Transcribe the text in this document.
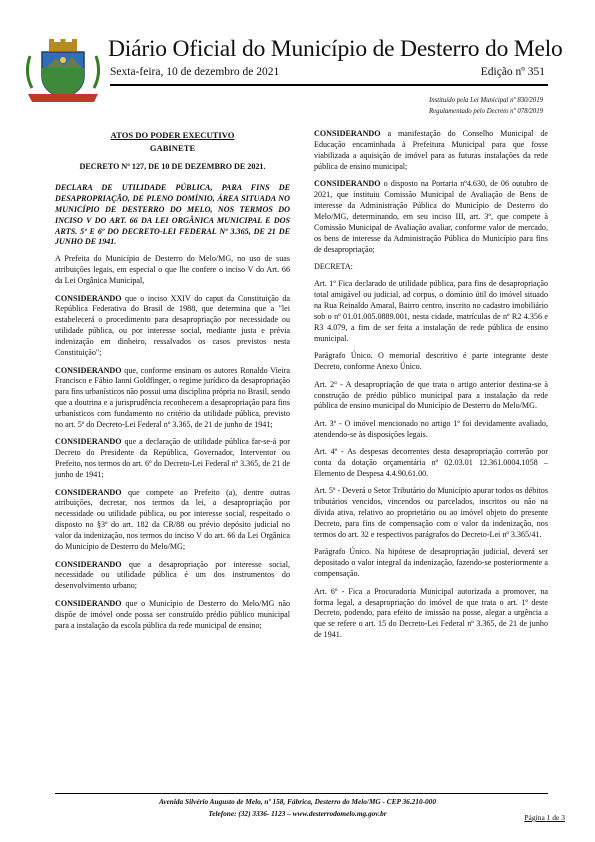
Diário Oficial do Município de Desterro do Melo
Sexta-feira, 10 de dezembro de 2021	Edição nº 351
Instituído pela Lei Municipal nº 830/2019
Regulamentado pelo Decreto nº 078/2019
ATOS DO PODER EXECUTIVO
GABINETE

DECRETO Nº 127, DE 10 DE DEZEMBRO DE 2021.

DECLARA DE UTILIDADE PÚBLICA, PARA FINS DE DESAPROPRIAÇÃO, DE PLENO DOMÍNIO, ÁREA SITUADA NO MUNICÍPIO DE DESTERRO DO MELO, NOS TERMOS DO INCISO V DO ART. 66 DA LEI ORGÂNICA MUNICIPAL E DOS ARTS. 5º E 6º DO DECRETO-LEI FEDERAL Nº 3.365, DE 21 DE JUNHO DE 1941.

A Prefeita do Município de Desterro do Melo/MG, no uso de suas atribuições legais, em especial o que lhe confere o inciso V do Art. 66 da Lei Orgânica Municipal,

CONSIDERANDO que o inciso XXIV do caput da Constituição da República Federativa do Brasil de 1988, que determina que a "lei estabelecerá o procedimento para desapropriação por necessidade ou utilidade pública, ou por interesse social, mediante justa e prévia indenização em dinheiro, ressalvados os casos previstos nesta Constituição";

CONSIDERANDO que, conforme ensinam os autores Ronaldo Vieira Francisco e Fábio Ianni Goldfinger, o regime jurídico da desapropriação para fins urbanísticos não possui uma disciplina própria no Brasil, sendo que a doutrina e a jurisprudência reconhecem a desapropriação para fins urbanísticos com fundamento no critério da utilidade pública, previsto no art. 5º do Decreto-Lei Federal nº 3.365, de 21 de junho de 1941;

CONSIDERANDO que a declaração de utilidade pública far-se-á por Decreto do Presidente da República, Governador, Interventor ou Prefeito, nos termos do art. 6º do Decreto-Lei Federal nº 3.365, de 21 de junho de 1941;

CONSIDERANDO que compete ao Prefeito (a), dentre outras atribuições, decretar, nos termos da lei, a desapropriação por necessidade ou utilidade pública, ou por interesse social, respeitado o disposto no §3º do art. 182 da CR/88 ou prévio depósito judicial no valor da indenização, nos termos do inciso V do art. 66 da Lei Orgânica do Município de Desterro do Melo/MG;

CONSIDERANDO que a desapropriação por interesse social, necessidade ou utilidade pública é um dos instrumentos do desenvolvimento urbano;

CONSIDERANDO que o Município de Desterro do Melo/MG não dispõe de imóvel onde possa ser construído prédio público municipal para a instalação da escola pública da rede municipal de ensino;

CONSIDERANDO a manifestação do Conselho Municipal de Educação encaminhada à Prefeitura Municipal para que fosse viabilizada a aquisição de imóvel para as futuras instalações da rede pública de ensino municipal;

CONSIDERANDO o disposto na Portaria nº4.630, de 06 outubro de 2021, que instituiu Comissão Municipal de Avaliação de Bens de interesse da Administração Pública do Município de Desterro do Melo/MG, determinando, em seu inciso III, art. 3º, que compete à Comissão Municipal de Avaliação avaliar, conforme valor de mercado, os bens de interesse da Administração Pública do Município para fins de desapropriação;

DECRETA:

Art. 1º Fica declarado de utilidade pública, para fins de desapropriação total amigável ou judicial, ad corpus, o domínio útil do imóvel situado na Rua Reinaldo Amaral, Bairro centro, inscrito no cadastro imobiliário sob o nº 01.01.005.0889.001, nesta cidade, matrículas de nº R2 4.356 e R3 4.079, a fim de ser feita a instalação de rede pública de ensino municipal.

Parágrafo Único. O memorial descritivo é parte integrante deste Decreto, conforme Anexo Único.

Art. 2º - A desapropriação de que trata o artigo anterior destina-se à construção de prédio público municipal para a instalação da rede pública de ensino municipal do Município de Desterro do Melo/MG.

Art. 3º - O imóvel mencionado no artigo 1º foi devidamente avaliado, atendendo-se às disposições legais.

Art. 4º - As despesas decorrentes desta desapropriação correrão por conta da dotação orçamentária nº 02.03.01 12.361.0004.1058 – Elemento de Despesa 4.4.90.61.00.

Art. 5º - Deverá o Setor Tributário do Município apurar todos os débitos tributários vencidos, vincendos ou parcelados, inscritos ou não na dívida ativa, relativo ao proprietário ou ao imóvel objeto do presente Decreto, para fins de compensação com o valor da indenização, nos termos do art. 32 e respectivos parágrafos do Decreto-Lei nº 3.365/41.

Parágrafo Único. Na hipótese de desapropriação judicial, deverá ser depositado o valor integral da indenização, fazendo-se posteriormente a compensação.

Art. 6º - Fica a Procuradoria Municipal autorizada a promover, na forma legal, a desapropriação do imóvel de que trata o art. 1º deste Decreto, podendo, para efeito de imissão na posse, alegar a urgência a que se refere o art. 15 do Decreto-Lei Federal nº 3.365, de 21 de junho de 1941.

Avenida Silvério Augusto de Melo, nº 158, Fábrica, Desterro do Melo/MG - CEP 36.210-000
Telefone: (32) 3336- 1123 – www.desterrodomelo.mg.gov.br	Página 1 de 3
